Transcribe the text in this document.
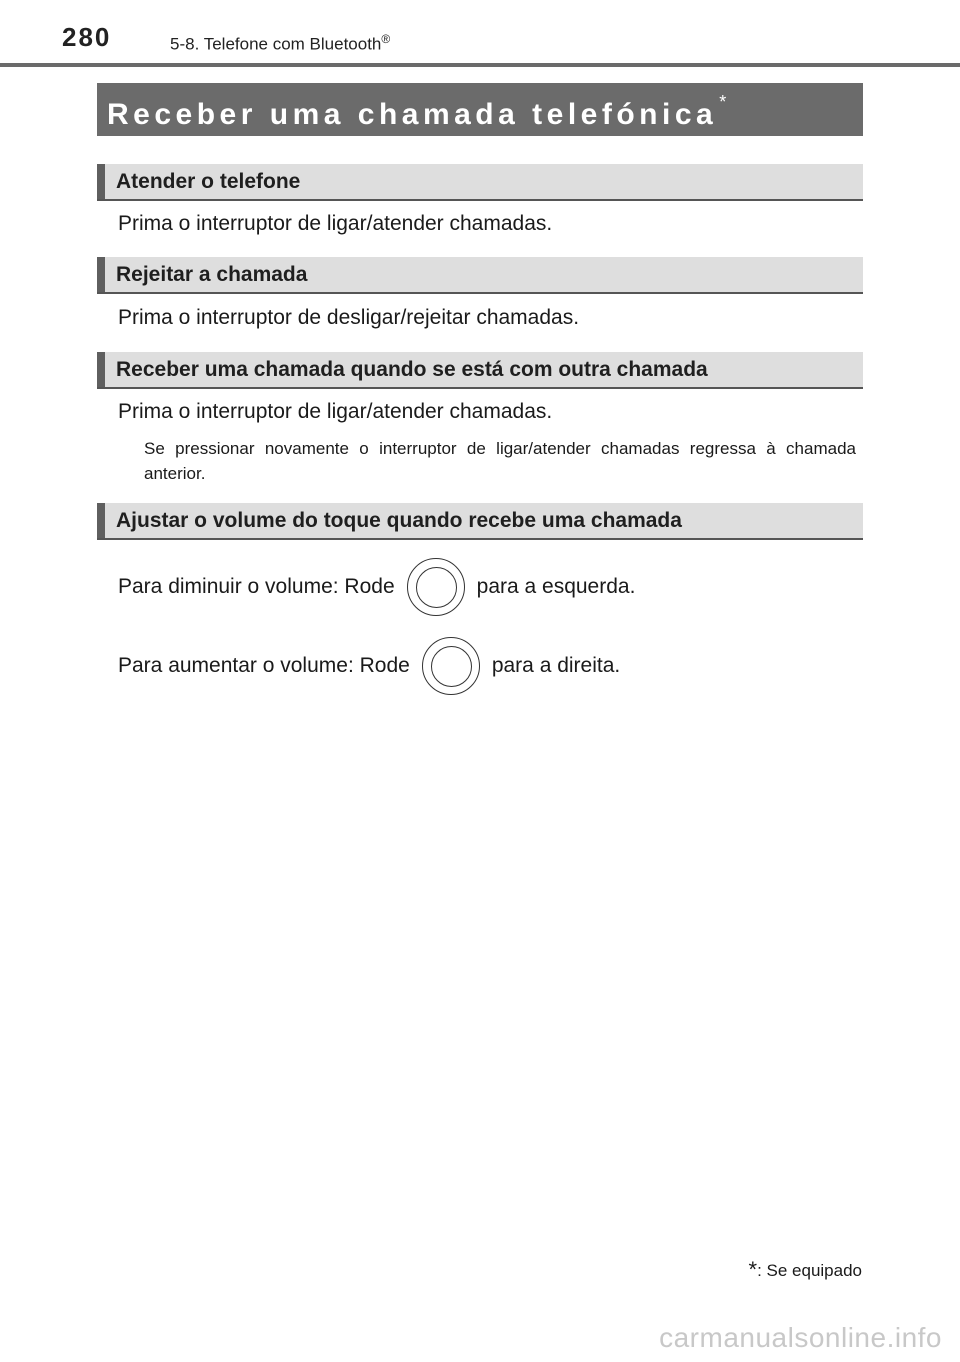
280	5-8. Telefone com Bluetooth®
Receber uma chamada telefónica *
Atender o telefone
Prima o interruptor de ligar/atender chamadas.
Rejeitar a chamada
Prima o interruptor de desligar/rejeitar chamadas.
Receber uma chamada quando se está com outra chamada
Prima o interruptor de ligar/atender chamadas.
Se pressionar novamente o interruptor de ligar/atender chamadas regressa à chamada anterior.
Ajustar o volume do toque quando recebe uma chamada
Para diminuir o volume: Rode	para a esquerda.
Para aumentar o volume: Rode	para a direita.
*: Se equipado
carmanualsonline.info
